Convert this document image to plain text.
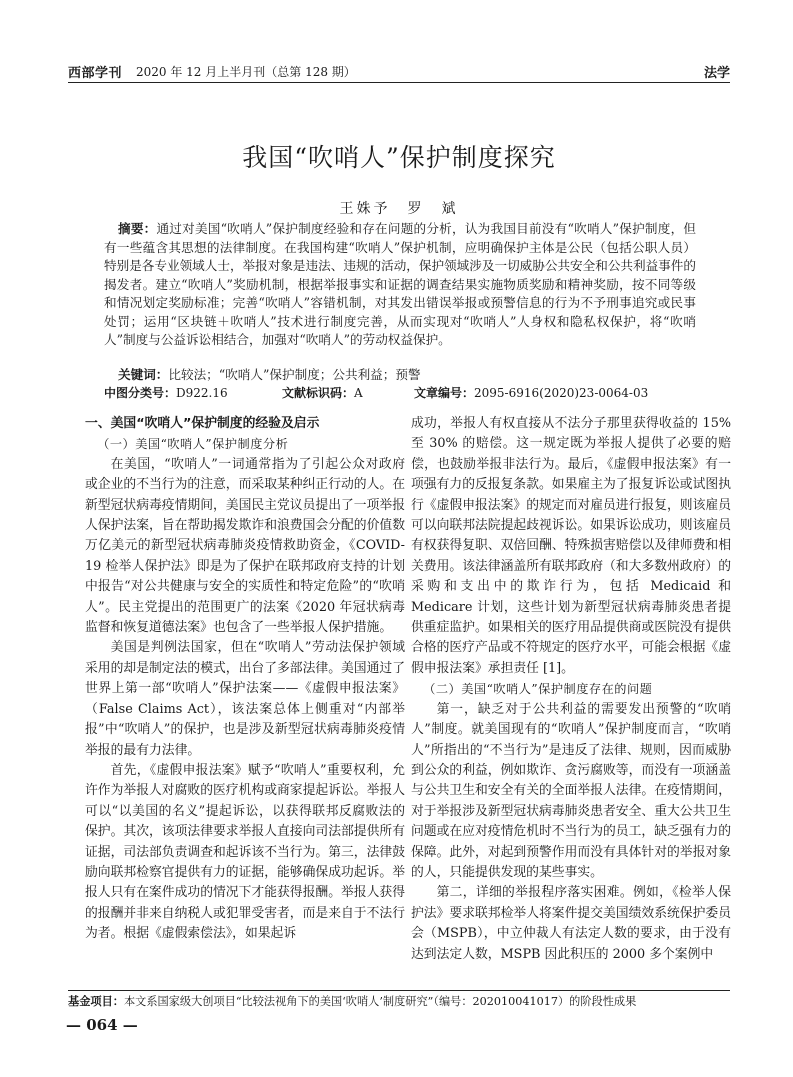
西部学刊 2020 年 12 月上半月刊（总第 128 期）	法学
我国“吹哨人”保护制度探究
王姝予　罗　斌
摘要：通过对美国“吹哨人”保护制度经验和存在问题的分析，认为我国目前没有“吹哨人”保护制度，但有一些蕴含其思想的法律制度。在我国构建“吹哨人”保护机制，应明确保护主体是公民（包括公职人员）特别是各专业领域人士，举报对象是违法、违规的活动，保护领域涉及一切威胁公共安全和公共利益事件的揭发者。建立“吹哨人”奖励机制，根据举报事实和证据的调查结果实施物质奖励和精神奖励，按不同等级和情况划定奖励标准；完善“吹哨人”容错机制，对其发出错误举报或预警信息的行为不予刑事追究或民事处罚；运用“区块链＋吹哨人”技术进行制度完善，从而实现对“吹哨人”人身权和隐私权保护，将“吹哨人”制度与公益诉讼相结合，加强对“吹哨人”的劳动权益保护。
关键词：比较法；“吹哨人”保护制度；公共利益；预警
中图分类号：D922.16	文献标识码：A	文章编号：2095-6916(2020)23-0064-03
一、美国“吹哨人”保护制度的经验及启示
（一）美国“吹哨人”保护制度分析

在美国，“吹哨人”一词通常指为了引起公众对政府或企业的不当行为的注意，而采取某种纠正行动的人。在新型冠状病毒疫情期间，美国民主党议员提出了一项举报人保护法案，旨在帮助揭发欺诈和浪费国会分配的价值数万亿美元的新型冠状病毒肺炎疫情救助资金，《COVID-19 检举人保护法》即是为了保护在联邦政府支持的计划中报告“对公共健康与安全的实质性和特定危险”的“吹哨人”。民主党提出的范围更广的法案《2020 年冠状病毒监督和恢复道德法案》也包含了一些举报人保护措施。

美国是判例法国家，但在“吹哨人”劳动法保护领域采用的却是制定法的模式，出台了多部法律。美国通过了世界上第一部“吹哨人”保护法案——《虚假申报法案》（False Claims Act），该法案总体上侧重对“内部举报”中“吹哨人”的保护，也是涉及新型冠状病毒肺炎疫情举报的最有力法律。

首先，《虚假申报法案》赋予“吹哨人”重要权利，允许作为举报人对腐败的医疗机构或商家提起诉讼。举报人可以“以美国的名义”提起诉讼，以获得联邦反腐败法的保护。其次，该项法律要求举报人直接向司法部提供所有证据，司法部负责调查和起诉该不当行为。第三，法律鼓励向联邦检察官提供有力的证据，能够确保成功起诉。举报人只有在案件成功的情况下才能获得报酬。举报人获得的报酬并非来自纳税人或犯罪受害者，而是来自于不法行为者。根据《虚假索偿法》，如果起诉

成功，举报人有权直接从不法分子那里获得收益的 15% 至 30% 的赔偿。这一规定既为举报人提供了必要的赔偿，也鼓励举报非法行为。最后，《虚假申报法案》有一项强有力的反报复条款。如果雇主为了报复诉讼或试图执行《虚假申报法案》的规定而对雇员进行报复，则该雇员可以向联邦法院提起歧视诉讼。如果诉讼成功，则该雇员有权获得复职、双倍回酬、特殊损害赔偿以及律师费和相关费用。该法律涵盖所有联邦政府（和大多数州政府）的采购和支出中的欺诈行为，包括 Medicaid 和 Medicare 计划，这些计划为新型冠状病毒肺炎患者提供重症监护。如果相关的医疗用品提供商或医院没有提供合格的医疗产品或不符规定的医疗水平，可能会根据《虚假申报法案》承担责任 [1]。

（二）美国“吹哨人”保护制度存在的问题

第一，缺乏对于公共利益的需要发出预警的“吹哨人”制度。就美国现有的“吹哨人”保护制度而言，“吹哨人”所指出的“不当行为”是违反了法律、规则，因而威胁到公众的利益，例如欺诈、贪污腐败等，而没有一项涵盖与公共卫生和安全有关的全面举报人法律。在疫情期间，对于举报涉及新型冠状病毒肺炎患者安全、重大公共卫生问题或在应对疫情危机时不当行为的员工，缺乏强有力的保障。此外，对起到预警作用而没有具体针对的举报对象的人，只能提供发现的某些事实。

第二，详细的举报程序落实困难。例如，《检举人保护法》要求联邦检举人将案件提交美国绩效系统保护委员会（MSPB），中立仲裁人有法定人数的要求，由于没有达到法定人数，MSPB 因此积压的 2000 多个案例中

基金项目：本文系国家级大创项目“比较法视角下的美国‘吹哨人’制度研究”（编号：202010041017）的阶段性成果
— 064 —
